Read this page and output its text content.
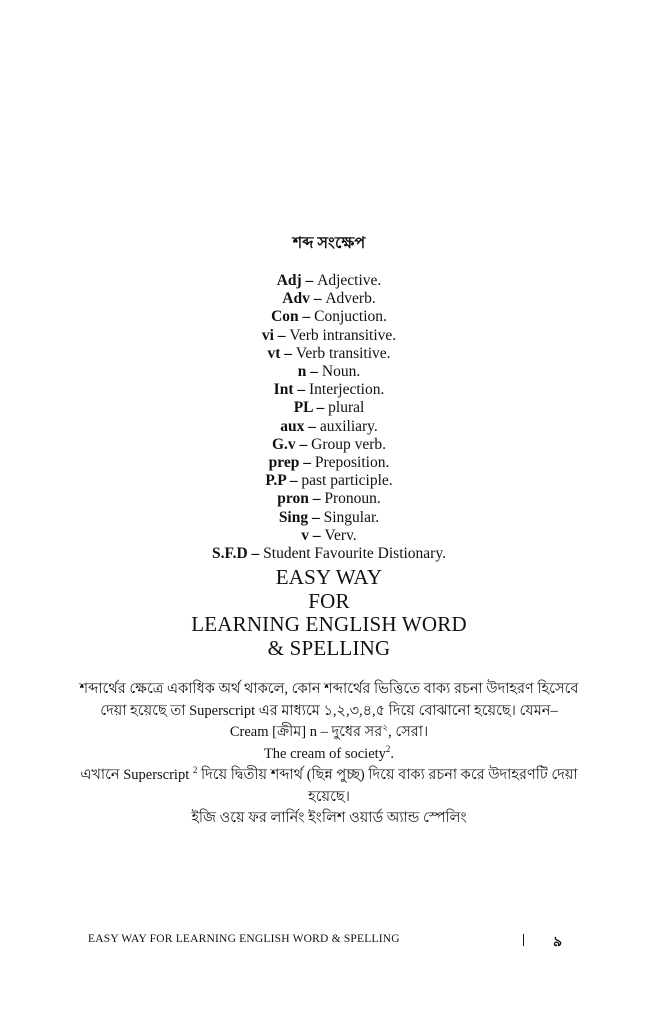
শব্দ সংক্ষেপ
Adj – Adjective.
Adv – Adverb.
Con – Conjuction.
vi – Verb intransitive.
vt – Verb transitive.
n – Noun.
Int – Interjection.
PL – plural
aux – auxiliary.
G.v – Group verb.
prep – Preposition.
P.P – past participle.
pron – Pronoun.
Sing – Singular.
v – Verv.
S.F.D – Student Favourite Distionary.
EASY WAY
FOR
LEARNING ENGLISH WORD
& SPELLING
শব্দার্থের ক্ষেত্রে একাধিক অর্থ থাকলে, কোন শব্দার্থের ভিত্তিতে বাক্য রচনা উদাহরণ হিসেবে
দেয়া হয়েছে তা Superscript এর মাধ্যমে ১,২,৩,৪,৫ দিয়ে বোঝানো হয়েছে। যেমন–
Cream [ক্রীম] n – দুধের সর$^২$, সেরা।
The cream of society$^2$.
এখানে Superscript $^2$ দিয়ে দ্বিতীয় শব্দার্থ (ছিন্ন পুচ্ছ) দিয়ে বাক্য রচনা করে উদাহরণটি দেয়া
হয়েছে।
ইজি ওয়ে ফর লার্নিং ইংলিশ ওয়ার্ড অ্যান্ড স্পেলিং
EASY WAY FOR LEARNING ENGLISH WORD & SPELLING	৯
